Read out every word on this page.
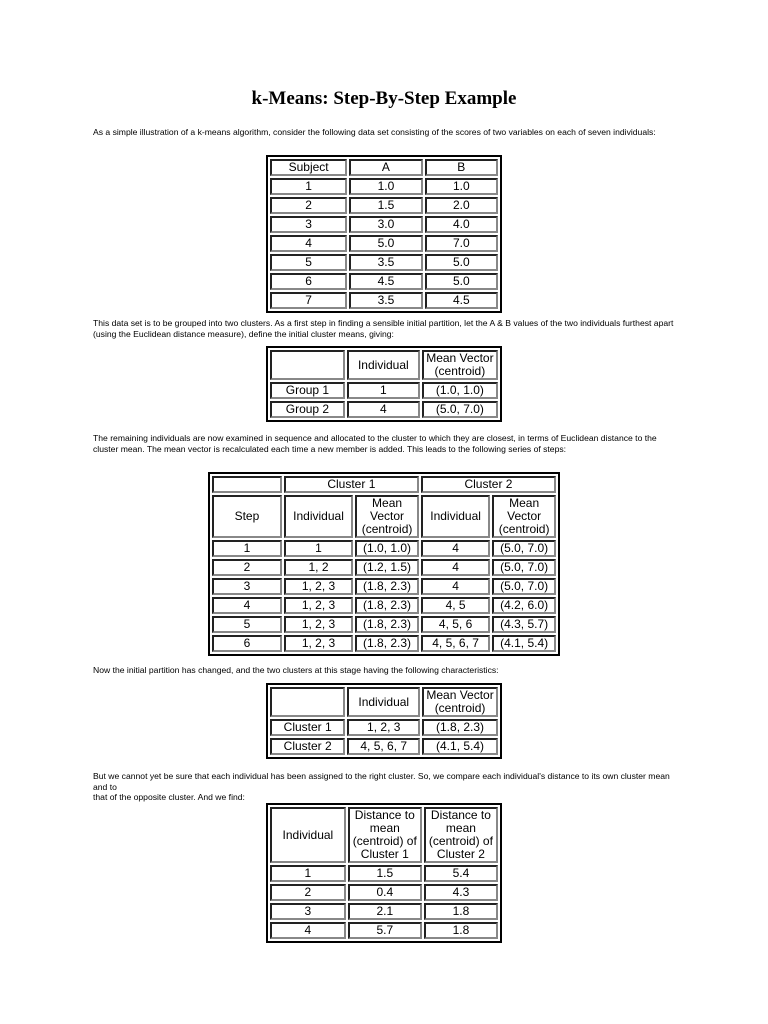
k-Means: Step-By-Step Example

As a simple illustration of a k-means algorithm, consider the following data set consisting of the scores of two variables on each of seven individuals:

Subject	A	B
1	1.0	1.0
2	1.5	2.0
3	3.0	4.0
4	5.0	7.0
5	3.5	5.0
6	4.5	5.0
7	3.5	4.5

This data set is to be grouped into two clusters. As a first step in finding a sensible initial partition, let the A & B values of the two individuals furthest apart (using the Euclidean distance measure), define the initial cluster means, giving:

	Individual	Mean Vector (centroid)
Group 1	1	(1.0, 1.0)
Group 2	4	(5.0, 7.0)

The remaining individuals are now examined in sequence and allocated to the cluster to which they are closest, in terms of Euclidean distance to the cluster mean. The mean vector is recalculated each time a new member is added. This leads to the following series of steps:

	Cluster 1		Cluster 2	
Step	Individual	Mean Vector (centroid)	Individual	Mean Vector (centroid)
1	1	(1.0, 1.0)	4	(5.0, 7.0)
2	1, 2	(1.2, 1.5)	4	(5.0, 7.0)
3	1, 2, 3	(1.8, 2.3)	4	(5.0, 7.0)
4	1, 2, 3	(1.8, 2.3)	4, 5	(4.2, 6.0)
5	1, 2, 3	(1.8, 2.3)	4, 5, 6	(4.3, 5.7)
6	1, 2, 3	(1.8, 2.3)	4, 5, 6, 7	(4.1, 5.4)

Now the initial partition has changed, and the two clusters at this stage having the following characteristics:

	Individual	Mean Vector (centroid)
Cluster 1	1, 2, 3	(1.8, 2.3)
Cluster 2	4, 5, 6, 7	(4.1, 5.4)

But we cannot yet be sure that each individual has been assigned to the right cluster. So, we compare each individual's distance to its own cluster mean and to

that of the opposite cluster. And we find:

Individual	Distance to mean (centroid) of Cluster 1	Distance to mean (centroid) of Cluster 2
1	1.5	5.4
2	0.4	4.3
3	2.1	1.8
4	5.7	1.8
